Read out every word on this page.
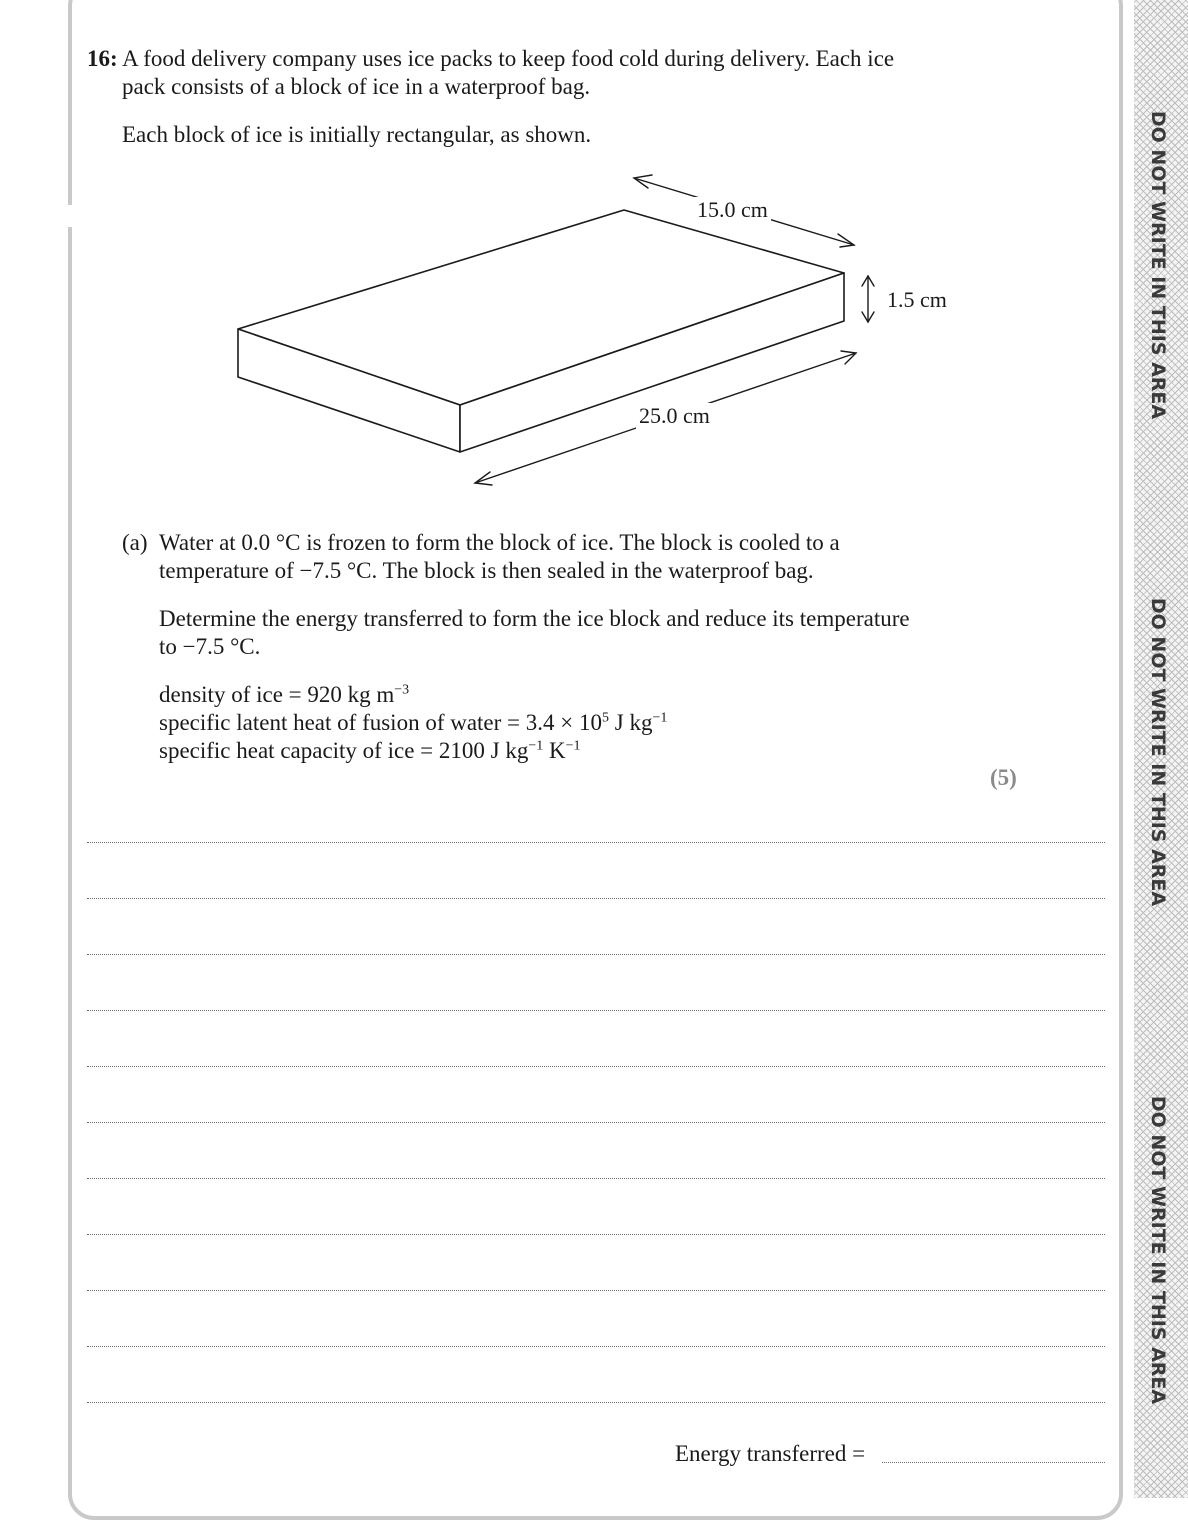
DO NOT WRITE IN THIS AREA
DO NOT WRITE IN THIS AREA
DO NOT WRITE IN THIS AREA
16: A food delivery company uses ice packs to keep food cold during delivery. Each ice
pack consists of a block of ice in a waterproof bag.
Each block of ice is initially rectangular, as shown.
15.0 cm
1.5 cm
25.0 cm
(a) Water at 0.0 °C is frozen to form the block of ice. The block is cooled to a
temperature of −7.5 °C. The block is then sealed in the waterproof bag.
Determine the energy transferred to form the ice block and reduce its temperature
to −7.5 °C.
density of ice = 920 kg $m^{-3}$
specific latent heat of fusion of water = $3.4 \times 10^5$ J $kg^{-1}$
specific heat capacity of ice = 2100 J $kg^{-1}$ $K^{-1}$
(5)
Energy transferred =
